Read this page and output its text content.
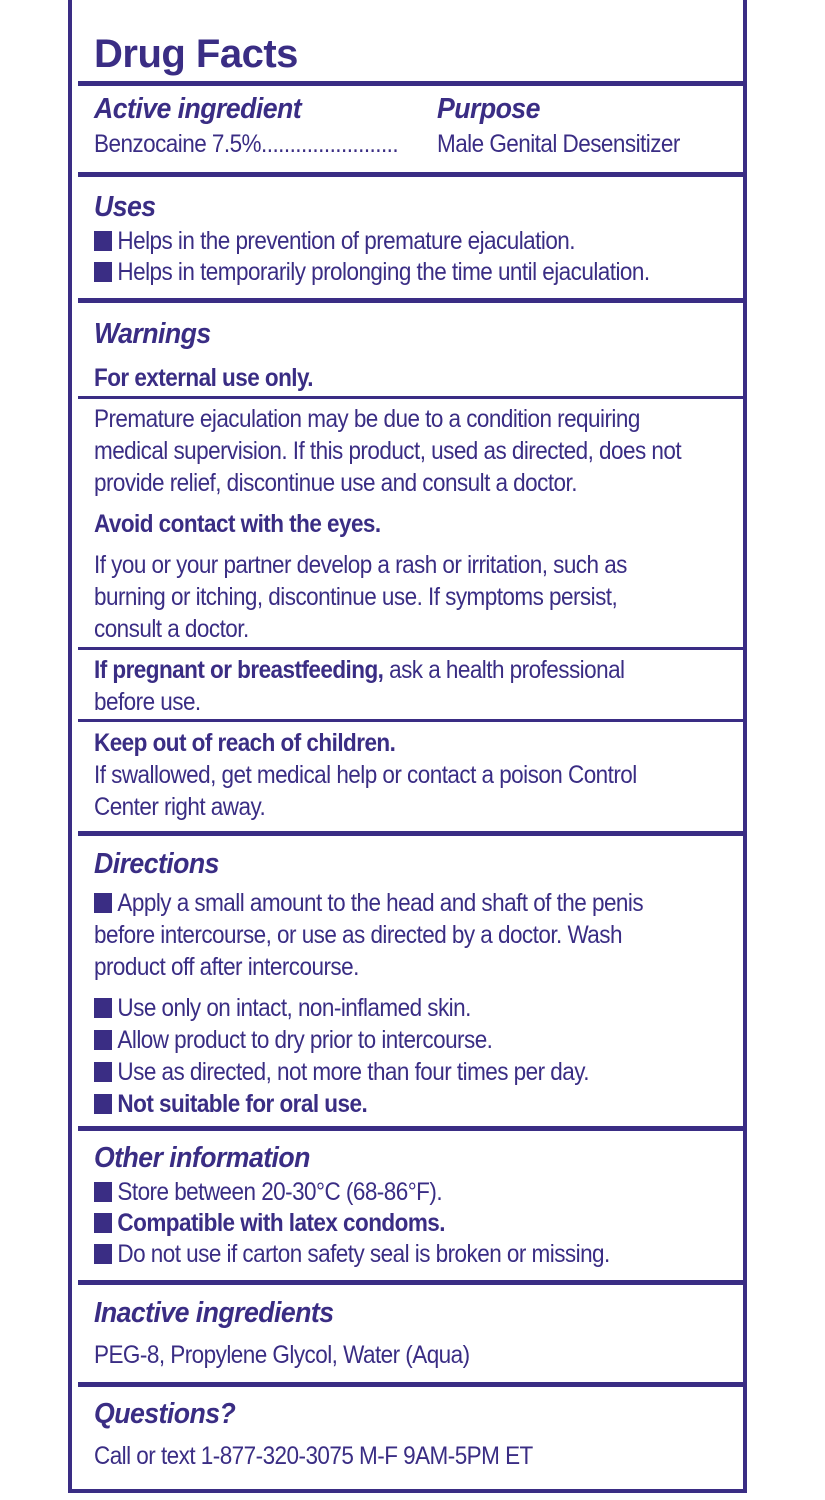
Drug Facts
Active ingredient	Purpose
Benzocaine 7.5%........................ Male Genital Desensitizer
Uses
Helps in the prevention of premature ejaculation.
Helps in temporarily prolonging the time until ejaculation.
Warnings
For external use only.
Premature ejaculation may be due to a condition requiring
medical supervision. If this product, used as directed, does not
provide relief, discontinue use and consult a doctor.
Avoid contact with the eyes.
If you or your partner develop a rash or irritation, such as
burning or itching, discontinue use. If symptoms persist,
consult a doctor.
If pregnant or breastfeeding, ask a health professional
before use.
Keep out of reach of children.
If swallowed, get medical help or contact a poison Control
Center right away.
Directions
Apply a small amount to the head and shaft of the penis
before intercourse, or use as directed by a doctor. Wash
product off after intercourse.
Use only on intact, non-inflamed skin.
Allow product to dry prior to intercourse.
Use as directed, not more than four times per day.
Not suitable for oral use.
Other information
Store between 20-30°C (68-86°F).
Compatible with latex condoms.
Do not use if carton safety seal is broken or missing.
Inactive ingredients
PEG-8, Propylene Glycol, Water (Aqua)
Questions?
Call or text 1-877-320-3075 M-F 9AM-5PM ET
